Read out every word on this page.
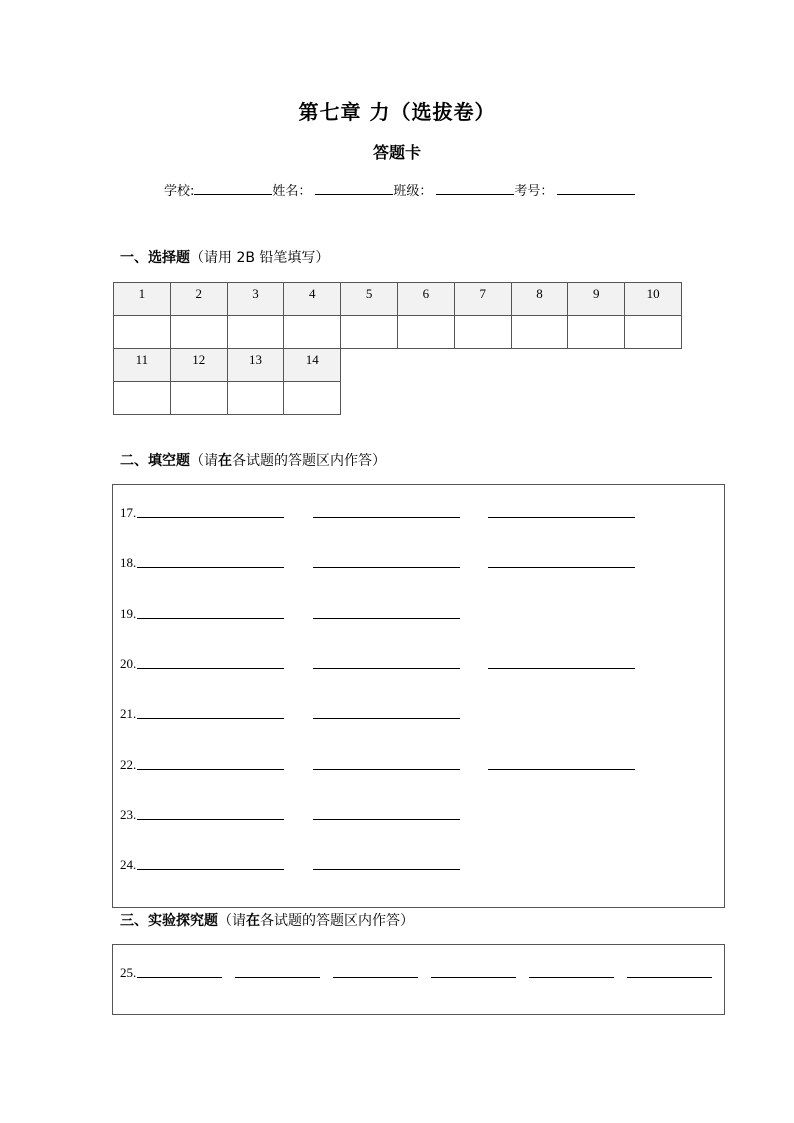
第七章 力（选拔卷）
答题卡
学校:	姓名：	班级：	考号：
一、选择题（请用 2B 铅笔填写）
1	2	3	4	5	6	7	8	9	10
11	12	13	14
二、填空题（请在各试题的答题区内作答）
17.
18.
19.
20.
21.
22.
23.
24.
三、实验探究题（请在各试题的答题区内作答）
25.
